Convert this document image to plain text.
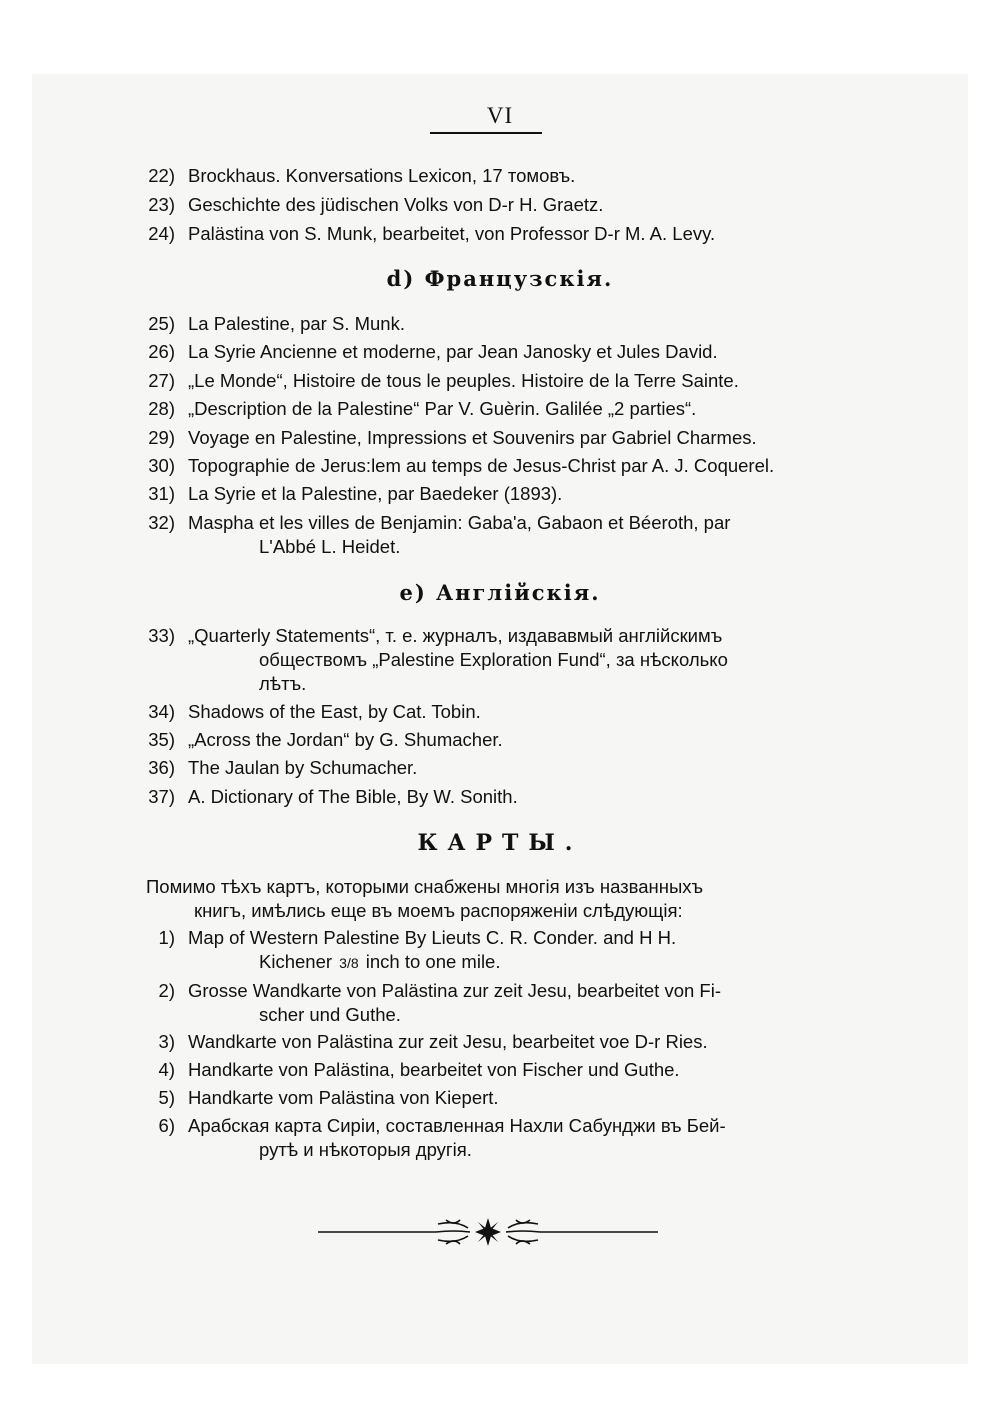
VI
22) Brockhaus. Konversations Lexicon, 17 томовъ.
23) Geschichte des jüdischen Volks von D-r H. Graetz.
24) Palästina von S. Munk, bearbeitet, von Professor D-r M. A. Levy.
d) Французскія.
25) La Palestine, par S. Munk.
26) La Syrie Ancienne et moderne, par Jean Janosky et Jules David.
27) „Le Monde“, Histoire de tous le peuples. Histoire de la Terre Sainte.
28) „Description de la Palestine“ Par V. Guèrin. Galilée „2 parties“.
29) Voyage en Palestine, Impressions et Souvenirs par Gabriel Charmes.
30) Topographie de Jerus:lem au temps de Jesus-Christ par A. J. Coquerel.
31) La Syrie et la Palestine, par Baedeker (1893).
32) Maspha et les villes de Benjamin: Gaba'a, Gabaon et Béeroth, par
L'Abbé L. Heidet.
e) Англійскія.
33) „Quarterly Statements“, т. е. журналъ, издававмый англійскимъ
обществомъ „Palestine Exploration Fund“, за нѣсколько
лѣтъ.
34) Shadows of the East, by Cat. Tobin.
35) „Across the Jordan“ by G. Shumacher.
36) The Jaulan by Schumacher.
37) A. Dictionary of The Bible, By W. Sonith.
КАРТЫ.
Помимо тѣхъ картъ, которыми снабжены многія изъ названныхъ
книгъ, имѣлись еще въ моемъ распоряженіи слѣдующія:
1) Map of Western Palestine By Lieuts C. R. Conder. and H H.
Kichener 3/8 inch to one mile.
2) Grosse Wandkarte von Palästina zur zeit Jesu, bearbeitet von Fi-
scher und Guthe.
3) Wandkarte von Palästina zur zeit Jesu, bearbeitet voe D-r Ries.
4) Handkarte von Palästina, bearbeitet von Fischer und Guthe.
5) Handkarte vom Palästina von Kiepert.
6) Арабская карта Сиріи, составленная Нахли Сабунджи въ Бей-
рутѣ и нѣкоторыя другія.
